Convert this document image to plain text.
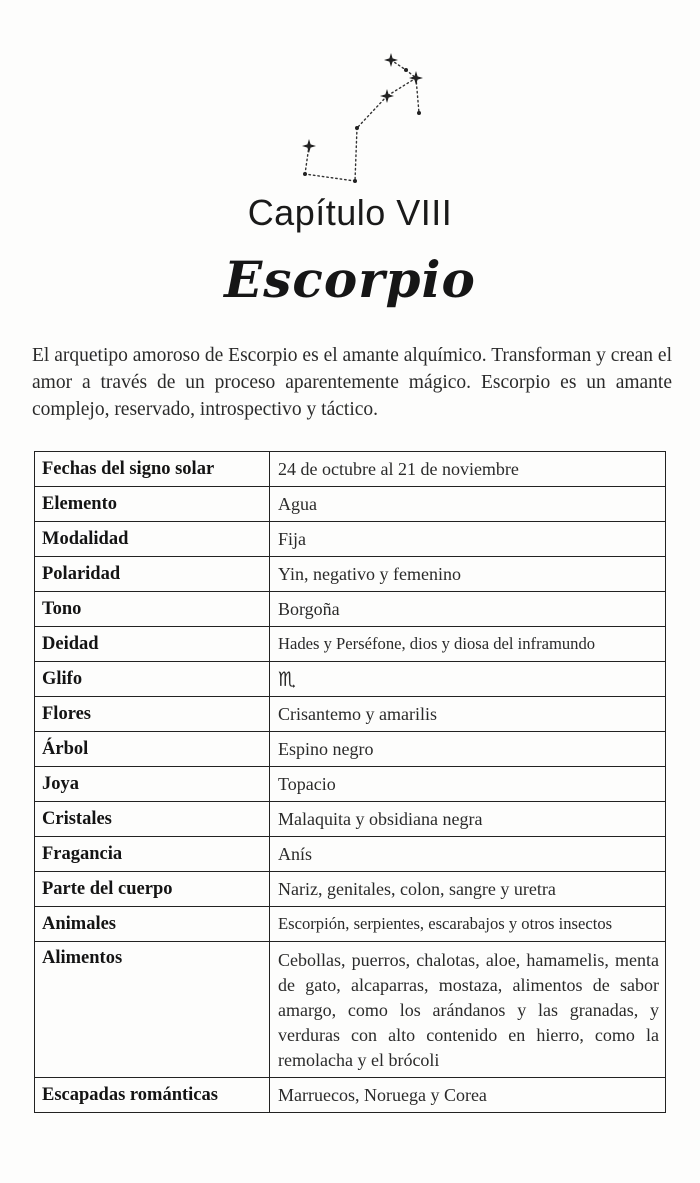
Capítulo VIII
Escorpio

El arquetipo amoroso de Escorpio es el amante alquímico. Transforman y crean el amor a través de un proceso aparentemente mágico. Escorpio es un amante complejo, reservado, introspectivo y táctico.

Fechas del signo solar	24 de octubre al 21 de noviembre
Elemento	Agua
Modalidad	Fija
Polaridad	Yin, negativo y femenino
Tono	Borgoña
Deidad	Hades y Perséfone, dios y diosa del inframundo
Glifo	♏
Flores	Crisantemo y amarilis
Árbol	Espino negro
Joya	Topacio
Cristales	Malaquita y obsidiana negra
Fragancia	Anís
Parte del cuerpo	Nariz, genitales, colon, sangre y uretra
Animales	Escorpión, serpientes, escarabajos y otros insectos
Alimentos	Cebollas, puerros, chalotas, aloe, hamamelis, menta de gato, alcaparras, mostaza, alimentos de sabor amargo, como los arándanos y las granadas, y verduras con alto contenido en hierro, como la remolacha y el brócoli
Escapadas románticas	Marruecos, Noruega y Corea
